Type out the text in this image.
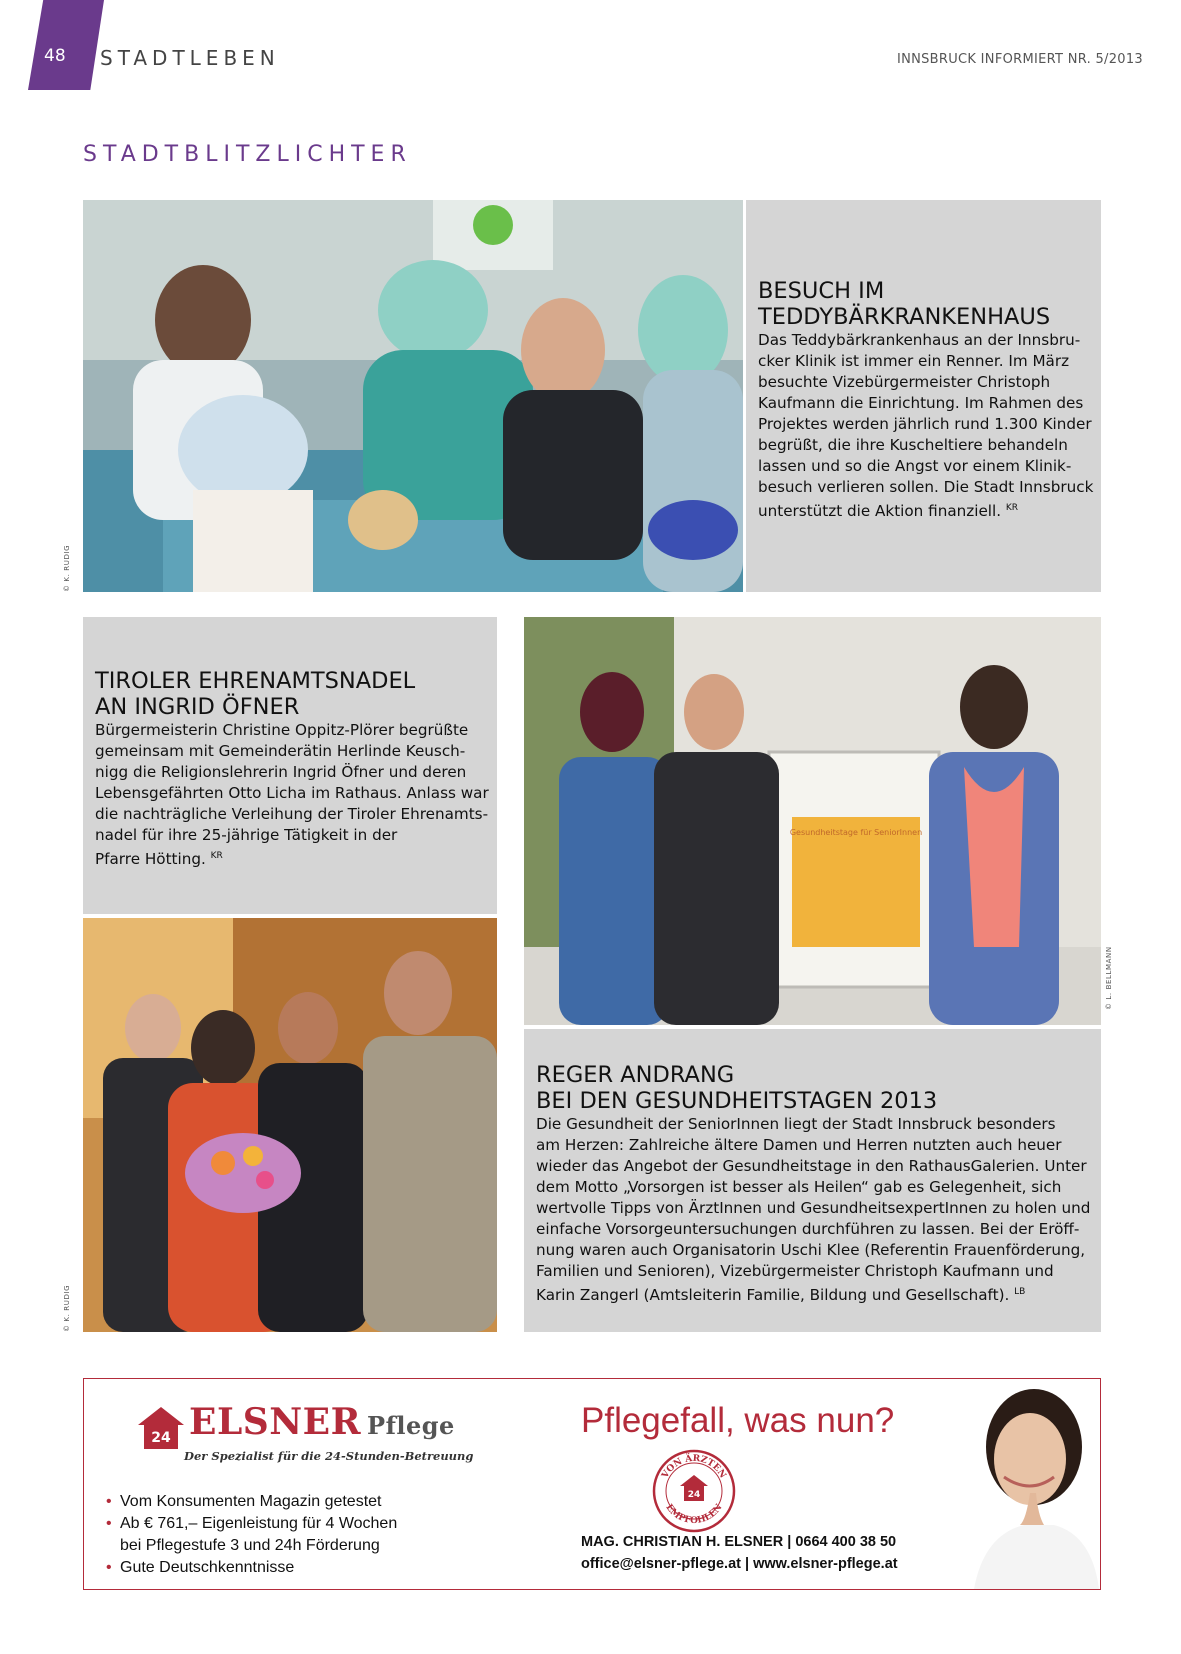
48 STADTLEBEN	INNSBRUCK INFORMIERT NR. 5/2013
STADTBLITZLICHTER
© K. RUDIG
BESUCH IM
TEDDYBÄRKRANKENHAUS

Das Teddybärkrankenhaus an der Innsbru-
cker Klinik ist immer ein Renner. Im März
besuchte Vizebürgermeister Christoph
Kaufmann die Einrichtung. Im Rahmen des
Projektes werden jährlich rund 1.300 Kinder
begrüßt, die ihre Kuscheltiere behandeln
lassen und so die Angst vor einem Klinik-
besuch verlieren sollen. Die Stadt Innsbruck
unterstützt die Aktion finanziell. $^{KR}$

TIROLER EHRENAMTSNADEL
AN INGRID ÖFNER

Bürgermeisterin Christine Oppitz-Plörer begrüßte
gemeinsam mit Gemeinderätin Herlinde Keusch-
nigg die Religionslehrerin Ingrid Öfner und deren
Lebensgefährten Otto Licha im Rathaus. Anlass war
die nachträgliche Verleihung der Tiroler Ehrenamts-
nadel für ihre 25-jährige Tätigkeit in der
Pfarre Hötting. $^{KR}$

© K. RUDIG
Gesundheitstage für SeniorInnen
© L. BELLMANN
REGER ANDRANG
BEI DEN GESUNDHEITSTAGEN 2013

Die Gesundheit der SeniorInnen liegt der Stadt Innsbruck besonders
am Herzen: Zahlreiche ältere Damen und Herren nutzten auch heuer
wieder das Angebot der Gesundheitstage in den RathausGalerien. Unter
dem Motto „Vorsorgen ist besser als Heilen“ gab es Gelegenheit, sich
wertvolle Tipps von ÄrztInnen und GesundheitsexpertInnen zu holen und
einfache Vorsorgeuntersuchungen durchführen zu lassen. Bei der Eröff-
nung waren auch Organisatorin Uschi Klee (Referentin Frauenförderung,
Familien und Senioren), Vizebürgermeister Christoph Kaufmann und
Karin Zangerl (Amtsleiterin Familie, Bildung und Gesellschaft). $^{LB}$

24 ELSNER Pflege
Der Spezialist für die 24-Stunden-Betreuung
• Vom Konsumenten Magazin getestet
• Ab € 761,– Eigenleistung für 4 Wochen
bei Pflegestufe 3 und 24h Förderung
• Gute Deutschkenntnisse
Pflegefall, was nun?
VON ÄRZTEN
EMPFOHLEN
24
MAG. CHRISTIAN H. ELSNER | 0664 400 38 50
office@elsner-pflege.at | www.elsner-pflege.at
